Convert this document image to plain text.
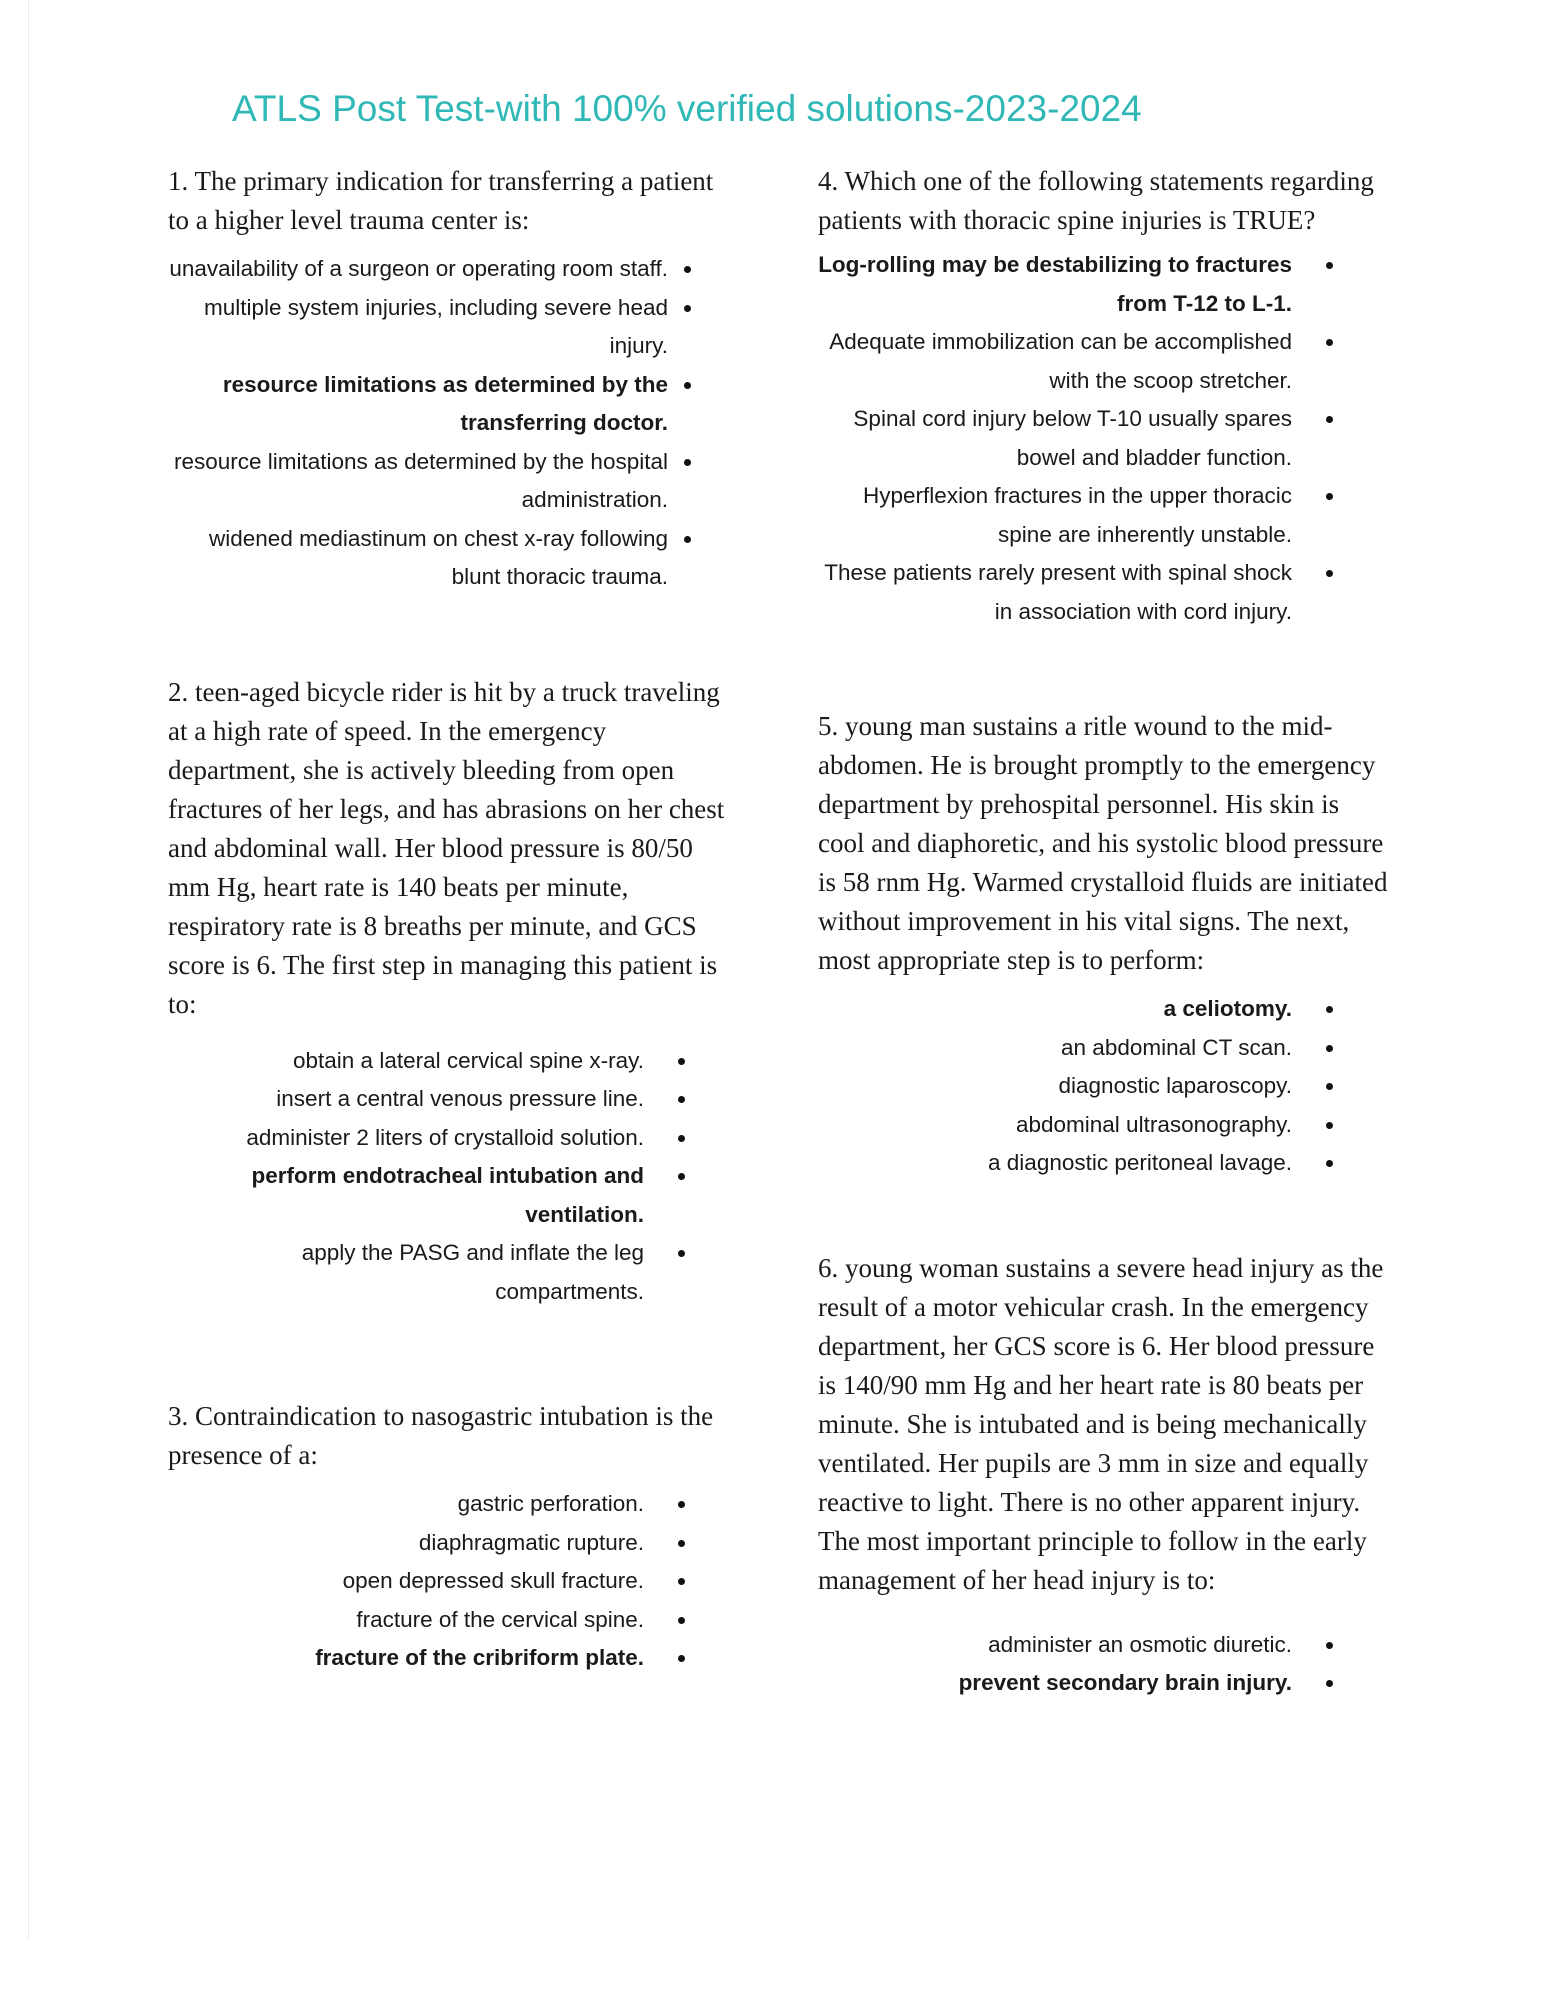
ATLS Post Test-with 100% verified solutions-2023-2024

1. The primary indication for transferring a patient to a higher level trauma center is:

unavailability of a surgeon or operating room staff.
multiple system injuries, including severe head injury.
resource limitations as determined by the transferring doctor.
resource limitations as determined by the hospital administration.
widened mediastinum on chest x-ray following blunt thoracic trauma.

2. teen-aged bicycle rider is hit by a truck traveling at a high rate of speed. In the emergency department, she is actively bleeding from open fractures of her legs, and has abrasions on her chest and abdominal wall. Her blood pressure is 80/50 mm Hg, heart rate is 140 beats per minute, respiratory rate is 8 breaths per minute, and GCS score is 6. The first step in managing this patient is to:

obtain a lateral cervical spine x-ray.
insert a central venous pressure line.
administer 2 liters of crystalloid solution.
perform endotracheal intubation and ventilation.
apply the PASG and inflate the leg compartments.

3. Contraindication to nasogastric intubation is the presence of a:

gastric perforation.
diaphragmatic rupture.
open depressed skull fracture.
fracture of the cervical spine.
fracture of the cribriform plate.

4. Which one of the following statements regarding patients with thoracic spine injuries is TRUE?

Log-rolling may be destabilizing to fractures from T-12 to L-1.
Adequate immobilization can be accomplished with the scoop stretcher.
Spinal cord injury below T-10 usually spares bowel and bladder function.
Hyperflexion fractures in the upper thoracic spine are inherently unstable.
These patients rarely present with spinal shock in association with cord injury.

5. young man sustains a ritle wound to the mid-abdomen. He is brought promptly to the emergency department by prehospital personnel. His skin is cool and diaphoretic, and his systolic blood pressure is 58 rnm Hg. Warmed crystalloid fluids are initiated without improvement in his vital signs. The next, most appropriate step is to perform:

a celiotomy.
an abdominal CT scan.
diagnostic laparoscopy.
abdominal ultrasonography.
a diagnostic peritoneal lavage.

6. young woman sustains a severe head injury as the result of a motor vehicular crash. In the emergency department, her GCS score is 6. Her blood pressure is 140/90 mm Hg and her heart rate is 80 beats per minute. She is intubated and is being mechanically ventilated. Her pupils are 3 mm in size and equally reactive to light. There is no other apparent injury. The most important principle to follow in the early management of her head injury is to:

administer an osmotic diuretic.
prevent secondary brain injury.
